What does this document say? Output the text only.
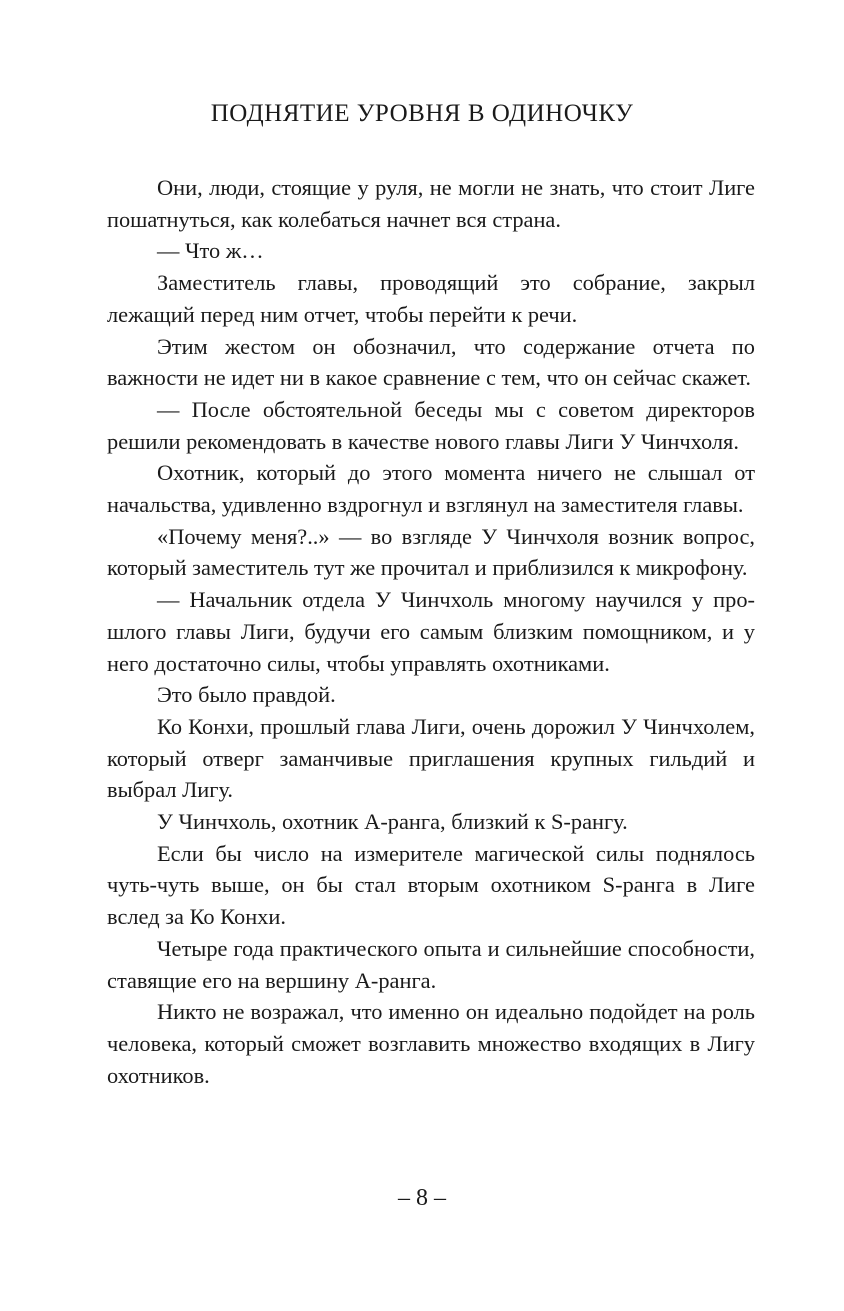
ПОДНЯТИЕ УРОВНЯ В ОДИНОЧКУ

Они, люди, стоящие у руля, не могли не знать, что стоит Лиге пошатнуться, как колебаться начнет вся страна.

— Что ж…

Заместитель главы, проводящий это собрание, закрыл лежащий перед ним отчет, чтобы перейти к речи.

Этим жестом он обозначил, что содержание отчета по важности не идет ни в какое сравнение с тем, что он сейчас скажет.

— После обстоятельной беседы мы с советом директоров решили рекомендовать в качестве нового главы Лиги У Чинчхоля.

Охотник, который до этого момента ничего не слышал от начальства, удивленно вздрогнул и взглянул на заместителя главы.

«Почему меня?..» — во взгляде У Чинчхоля возник вопрос, который заместитель тут же прочитал и приблизился к микрофону.

— Начальник отдела У Чинчхоль многому научился у прошлого главы Лиги, будучи его самым близким помощником, и у него достаточно силы, чтобы управлять охотниками.

Это было правдой.

Ко Конхи, прошлый глава Лиги, очень дорожил У Чинчхолем, который отверг заманчивые приглашения крупных гильдий и выбрал Лигу.

У Чинчхоль, охотник A-ранга, близкий к S-рангу.

Если бы число на измерителе магической силы поднялось чуть-чуть выше, он бы стал вторым охотником S-ранга в Лиге вслед за Ко Конхи.

Четыре года практического опыта и сильнейшие способности, ставящие его на вершину A-ранга.

Никто не возражал, что именно он идеально подойдет на роль человека, который сможет возглавить множество входящих в Лигу охотников.

– 8 –
